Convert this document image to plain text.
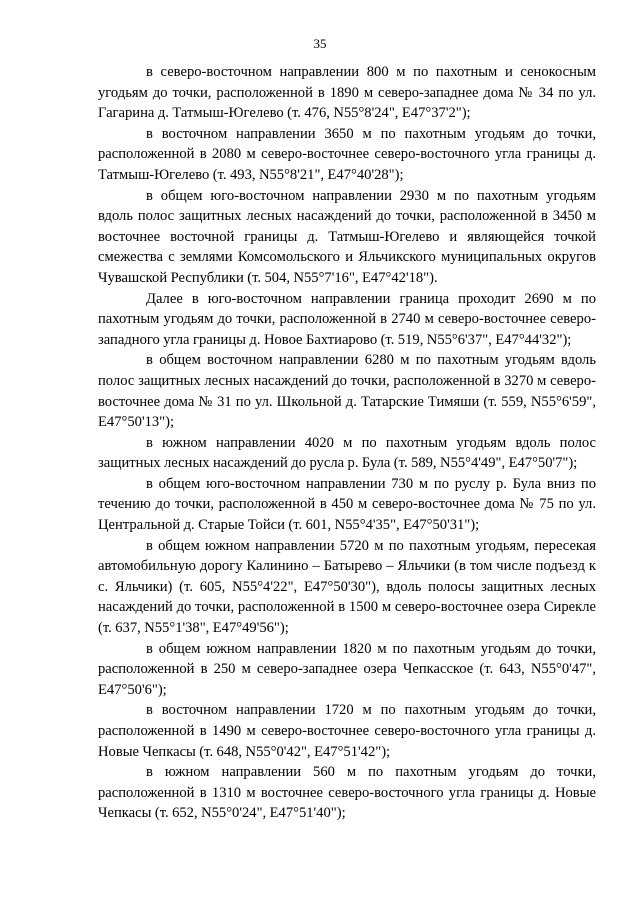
35

в северо-восточном направлении 800 м по пахотным и сенокосным угодьям до точки, расположенной в 1890 м северо-западнее дома № 34 по ул. Гагарина д. Татмыш-Югелево (т. 476, N55°8'24", E47°37'2");

в восточном направлении 3650 м по пахотным угодьям до точки, расположенной в 2080 м северо-восточнее северо-восточного угла границы д. Татмыш-Югелево (т. 493, N55°8'21", E47°40'28");

в общем юго-восточном направлении 2930 м по пахотным угодьям вдоль полос защитных лесных насаждений до точки, расположенной в 3450 м восточнее восточной границы д. Татмыш-Югелево и являющейся точкой смежества с землями Комсомольского и Яльчикского муниципальных округов Чувашской Республики (т. 504, N55°7'16", E47°42'18").

Далее в юго-восточном направлении граница проходит 2690 м по пахотным угодьям до точки, расположенной в 2740 м северо-восточнее северо-западного угла границы д. Новое Бахтиарово (т. 519, N55°6'37", E47°44'32");

в общем восточном направлении 6280 м по пахотным угодьям вдоль полос защитных лесных насаждений до точки, расположенной в 3270 м северо-восточнее дома № 31 по ул. Школьной д. Татарские Тимяши (т. 559, N55°6'59", E47°50'13");

в южном направлении 4020 м по пахотным угодьям вдоль полос защитных лесных насаждений до русла р. Була (т. 589, N55°4'49", E47°50'7");

в общем юго-восточном направлении 730 м по руслу р. Була вниз по течению до точки, расположенной в 450 м северо-восточнее дома № 75 по ул. Центральной д. Старые Тойси (т. 601, N55°4'35", E47°50'31");

в общем южном направлении 5720 м по пахотным угодьям, пересекая автомобильную дорогу Калинино – Батырево – Яльчики (в том числе подъезд к с. Яльчики) (т. 605, N55°4'22", E47°50'30"), вдоль полосы защитных лесных насаждений до точки, расположенной в 1500 м северо-восточнее озера Сирекле (т. 637, N55°1'38", E47°49'56");

в общем южном направлении 1820 м по пахотным угодьям до точки, расположенной в 250 м северо-западнее озера Чепкасское (т. 643, N55°0'47", E47°50'6");

в восточном направлении 1720 м по пахотным угодьям до точки, расположенной в 1490 м северо-восточнее северо-восточного угла границы д. Новые Чепкасы (т. 648, N55°0'42", E47°51'42");

в южном направлении 560 м по пахотным угодьям до точки, расположенной в 1310 м восточнее северо-восточного угла границы д. Новые Чепкасы (т. 652, N55°0'24", E47°51'40");
